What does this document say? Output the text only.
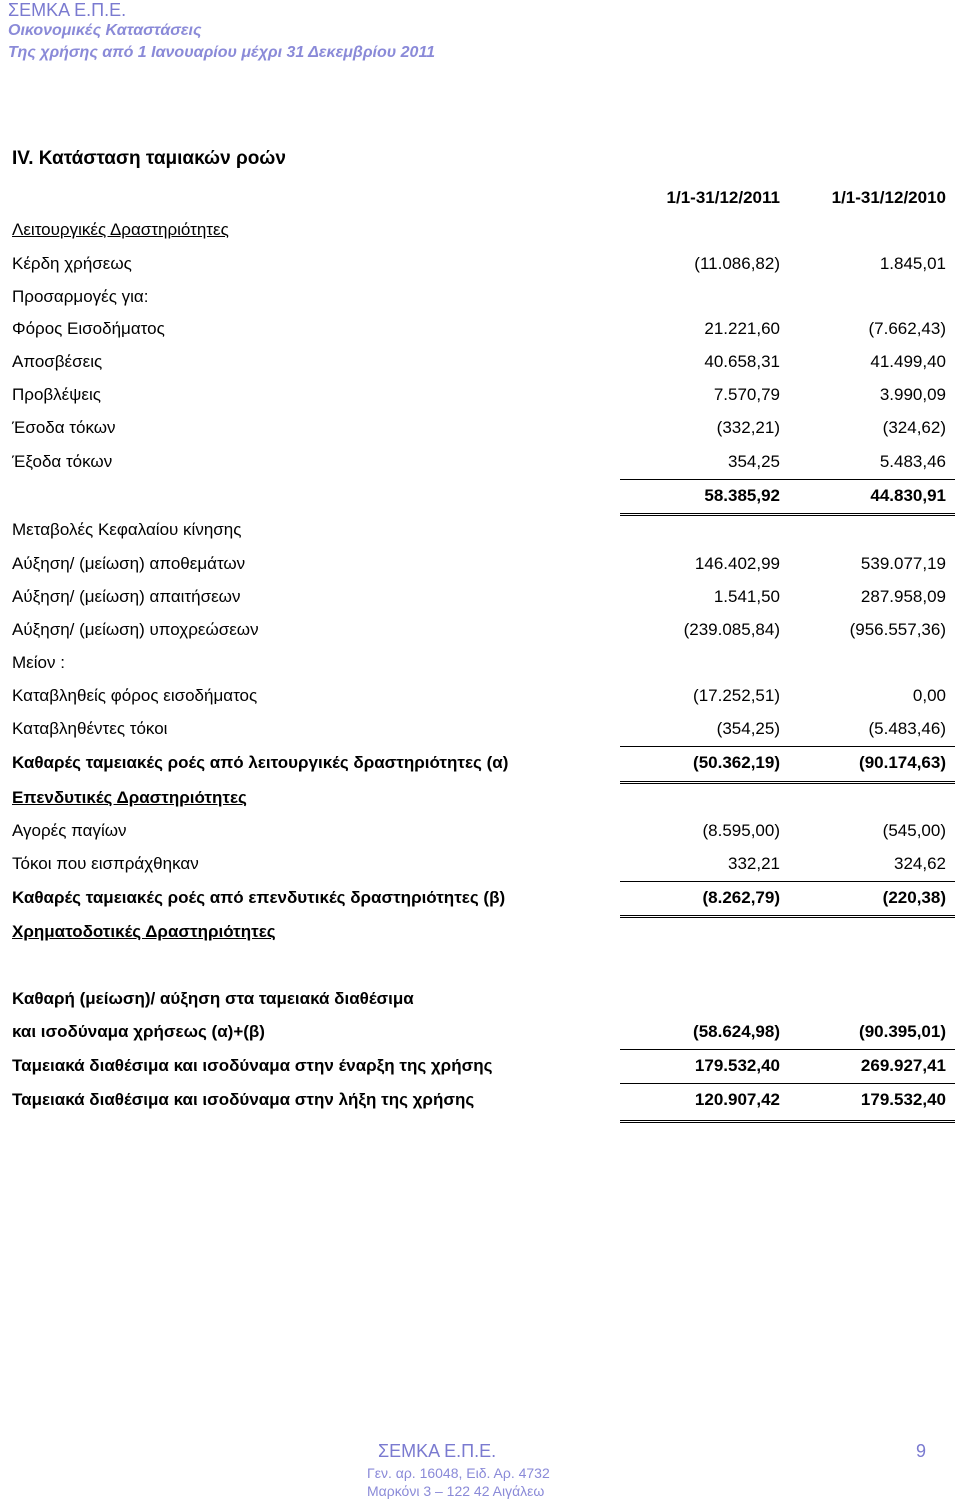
ΣΕΜΚΑ Ε.Π.Ε.
Οικονομικές Καταστάσεις
Της χρήσης από 1 Ιανουαρίου μέχρι 31 Δεκεμβρίου 2011
IV. Κατάσταση ταμιακών ροών
1/1-31/12/2011	1/1-31/12/2010
Λειτουργικές Δραστηριότητες
Κέρδη χρήσεως	(11.086,82)	1.845,01
Προσαρμογές για:
Φόρος Εισοδήματος	21.221,60	(7.662,43)
Αποσβέσεις	40.658,31	41.499,40
Προβλέψεις	7.570,79	3.990,09
Έσοδα τόκων	(332,21)	(324,62)
Έξοδα τόκων	354,25	5.483,46
58.385,92	44.830,91
Μεταβολές Κεφαλαίου κίνησης
Αύξηση/ (μείωση) αποθεμάτων	146.402,99	539.077,19
Αύξηση/ (μείωση) απαιτήσεων	1.541,50	287.958,09
Αύξηση/ (μείωση) υποχρεώσεων	(239.085,84)	(956.557,36)
Μείον :
Καταβληθείς φόρος εισοδήματος	(17.252,51)	0,00
Καταβληθέντες τόκοι	(354,25)	(5.483,46)
Καθαρές ταμειακές ροές από λειτουργικές δραστηριότητες (α)	(50.362,19)	(90.174,63)
Επενδυτικές Δραστηριότητες
Αγορές παγίων	(8.595,00)	(545,00)
Τόκοι που εισπράχθηκαν	332,21	324,62
Καθαρές ταμειακές ροές από επενδυτικές δραστηριότητες (β)	(8.262,79)	(220,38)
Χρηματοδοτικές Δραστηριότητες
Καθαρή (μείωση)/ αύξηση στα ταμειακά διαθέσιμα
και ισοδύναμα χρήσεως (α)+(β)	(58.624,98)	(90.395,01)
Ταμειακά διαθέσιμα και ισοδύναμα στην έναρξη της χρήσης	179.532,40	269.927,41
Ταμειακά διαθέσιμα και ισοδύναμα στην λήξη της χρήσης	120.907,42	179.532,40
ΣΕΜΚΑ Ε.Π.Ε.
Γεν. αρ. 16048, Ειδ. Αρ. 4732
Μαρκόνι 3 – 122 42 Αιγάλεω
9
